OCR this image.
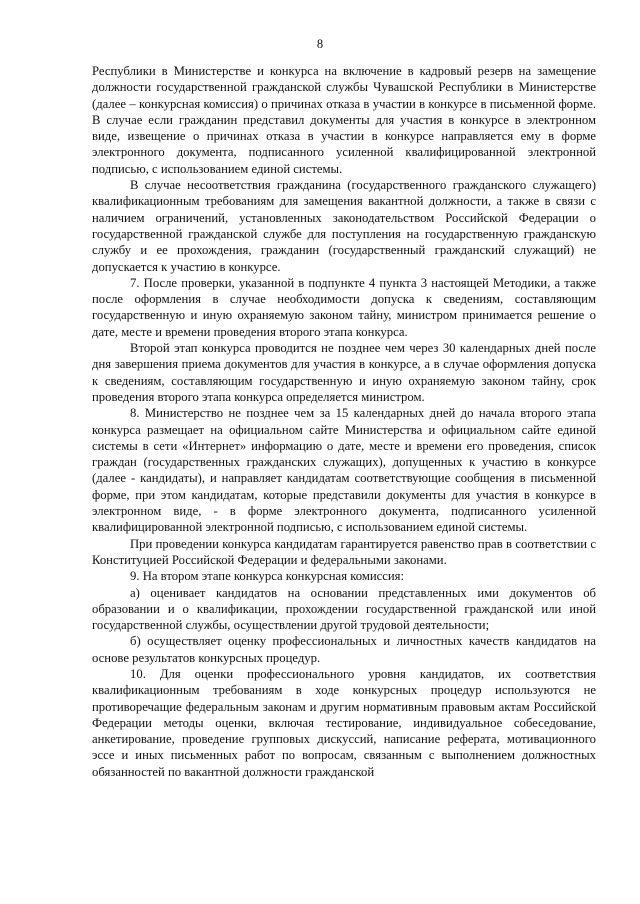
8

Республики в Министерстве и конкурса на включение в кадровый резерв на замещение должности государственной гражданской службы Чувашской Республики в Министерстве (далее – конкурсная комиссия) о причинах отказа в участии в конкурсе в письменной форме. В случае если гражданин представил документы для участия в конкурсе в электронном виде, извещение о причинах отказа в участии в конкурсе направляется ему в форме электронного документа, подписанного усиленной квалифицированной электронной подписью, с использованием единой системы.

В случае несоответствия гражданина (государственного гражданского служащего) квалификационным требованиям для замещения вакантной должности, а также в связи с наличием ограничений, установленных законодательством Российской Федерации о государственной гражданской службе для поступления на государственную гражданскую службу и ее прохождения, гражданин (государственный гражданский служащий) не допускается к участию в конкурсе.

7. После проверки, указанной в подпункте 4 пункта 3 настоящей Методики, а также после оформления в случае необходимости допуска к сведениям, составляющим государственную и иную охраняемую законом тайну, министром принимается решение о дате, месте и времени проведения второго этапа конкурса.

Второй этап конкурса проводится не позднее чем через 30 календарных дней после дня завершения приема документов для участия в конкурсе, а в случае оформления допуска к сведениям, составляющим государственную и иную охраняемую законом тайну, срок проведения второго этапа конкурса определяется министром.

8. Министерство не позднее чем за 15 календарных дней до начала второго этапа конкурса размещает на официальном сайте Министерства и официальном сайте единой системы в сети «Интернет» информацию о дате, месте и времени его проведения, список граждан (государственных гражданских служащих), допущенных к участию в конкурсе (далее - кандидаты), и направляет кандидатам соответствующие сообщения в письменной форме, при этом кандидатам, которые представили документы для участия в конкурсе в электронном виде, - в форме электронного документа, подписанного усиленной квалифицированной электронной подписью, с использованием единой системы.

При проведении конкурса кандидатам гарантируется равенство прав в соответствии с Конституцией Российской Федерации и федеральными законами.

9. На втором этапе конкурса конкурсная комиссия:

а) оценивает кандидатов на основании представленных ими документов об образовании и о квалификации, прохождении государственной гражданской или иной государственной службы, осуществлении другой трудовой деятельности;

б) осуществляет оценку профессиональных и личностных качеств кандидатов на основе результатов конкурсных процедур.

10. Для оценки профессионального уровня кандидатов, их соответствия квалификационным требованиям в ходе конкурсных процедур используются не противоречащие федеральным законам и другим нормативным правовым актам Российской Федерации методы оценки, включая тестирование, индивидуальное собеседование, анкетирование, проведение групповых дискуссий, написание реферата, мотивационного эссе и иных письменных работ по вопросам, связанным с выполнением должностных обязанностей по вакантной должности гражданской
